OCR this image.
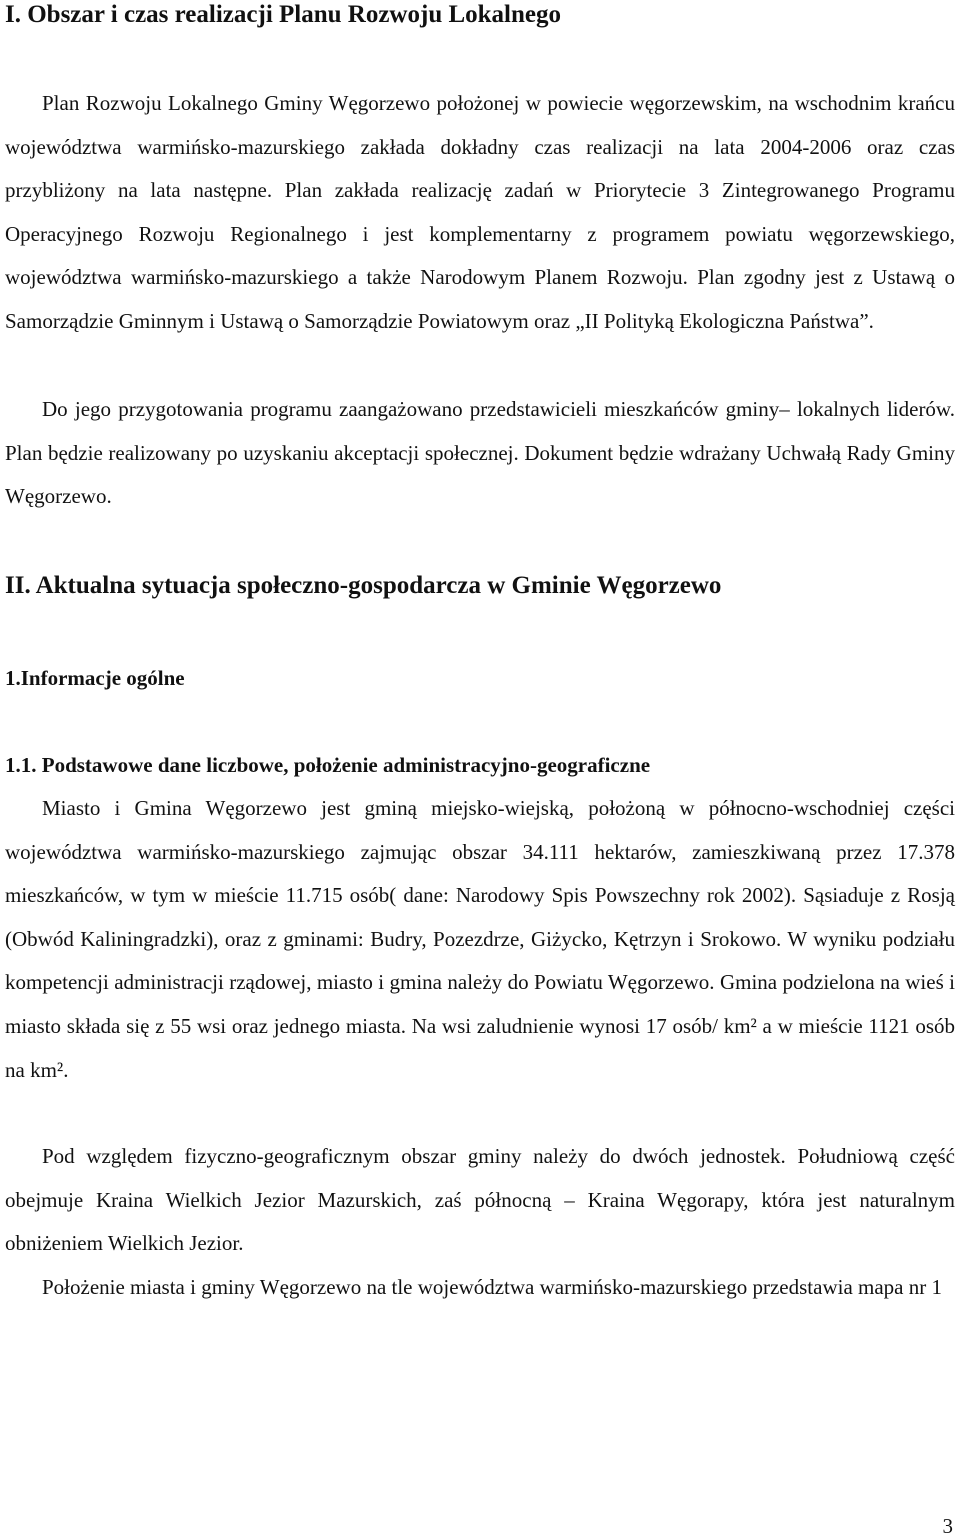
I. Obszar i czas realizacji Planu Rozwoju Lokalnego

Plan Rozwoju Lokalnego Gminy Węgorzewo położonej w powiecie węgorzewskim, na wschodnim krańcu województwa warmińsko-mazurskiego zakłada dokładny czas realizacji na lata 2004-2006 oraz czas przybliżony na lata następne. Plan zakłada realizację zadań w Priorytecie 3 Zintegrowanego Programu Operacyjnego Rozwoju Regionalnego i jest komplementarny z programem powiatu węgorzewskiego, województwa warmińsko-mazurskiego a także Narodowym Planem Rozwoju. Plan zgodny jest z Ustawą o Samorządzie Gminnym i Ustawą o Samorządzie Powiatowym oraz „II Polityką Ekologiczna Państwa”.

Do jego przygotowania programu zaangażowano przedstawicieli mieszkańców gminy– lokalnych liderów. Plan będzie realizowany po uzyskaniu akceptacji społecznej. Dokument będzie wdrażany Uchwałą Rady Gminy Węgorzewo.

II. Aktualna sytuacja społeczno-gospodarcza w Gminie Węgorzewo
1.Informacje ogólne
1.1. Podstawowe dane liczbowe, położenie administracyjno-geograficzne

Miasto i Gmina Węgorzewo jest gminą miejsko-wiejską, położoną w północno-wschodniej części województwa warmińsko-mazurskiego zajmując obszar 34.111 hektarów, zamieszkiwaną przez 17.378 mieszkańców, w tym w mieście 11.715 osób( dane: Narodowy Spis Powszechny rok 2002). Sąsiaduje z Rosją (Obwód Kaliningradzki), oraz z gminami: Budry, Pozezdrze, Giżycko, Kętrzyn i Srokowo. W wyniku podziału kompetencji administracji rządowej, miasto i gmina należy do Powiatu Węgorzewo. Gmina podzielona na wieś i miasto składa się z 55 wsi oraz jednego miasta. Na wsi zaludnienie wynosi 17 osób/ km² a w mieście 1121 osób na km².

Pod względem fizyczno-geograficznym obszar gminy należy do dwóch jednostek. Południową część obejmuje Kraina Wielkich Jezior Mazurskich, zaś północną – Kraina Węgorapy, która jest naturalnym obniżeniem Wielkich Jezior.

Położenie miasta i gminy Węgorzewo na tle województwa warmińsko-mazurskiego przedstawia mapa nr 1

3
